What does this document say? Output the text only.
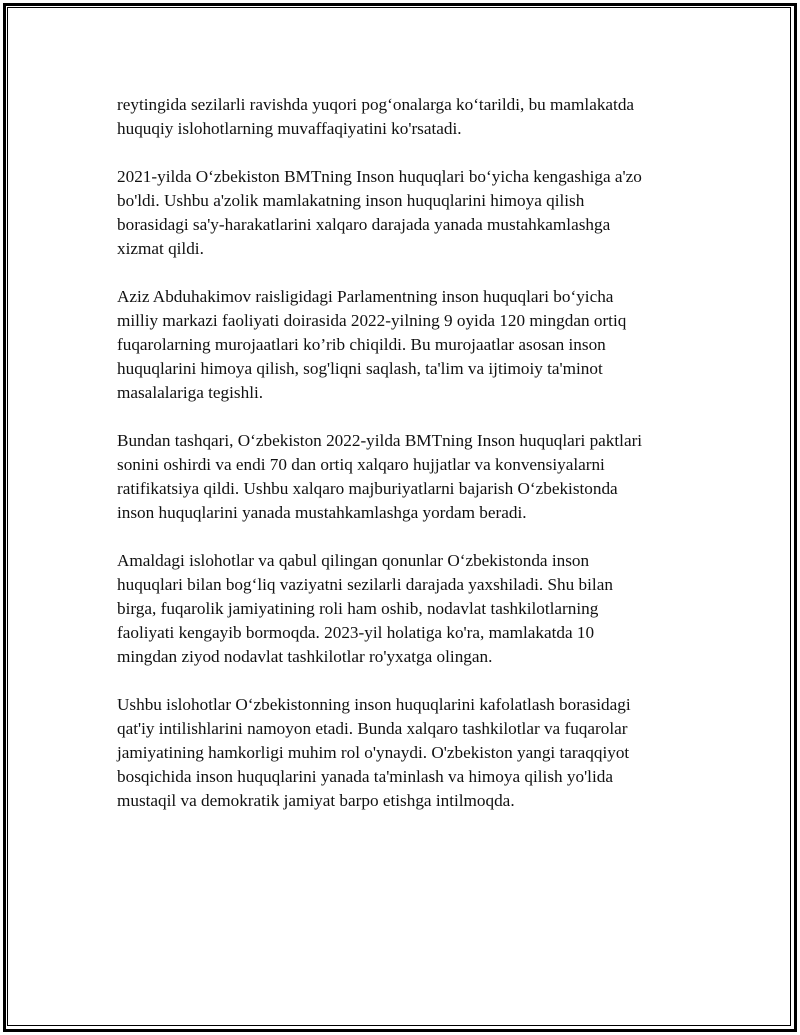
reytingida sezilarli ravishda yuqori pog‘onalarga ko‘tarildi, bu mamlakatda
huquqiy islohotlarning muvaffaqiyatini ko'rsatadi.

2021-yilda O‘zbekiston BMTning Inson huquqlari bo‘yicha kengashiga a'zo
bo'ldi. Ushbu a'zolik mamlakatning inson huquqlarini himoya qilish
borasidagi sa'y-harakatlarini xalqaro darajada yanada mustahkamlashga
xizmat qildi.

Aziz Abduhakimov raisligidagi Parlamentning inson huquqlari bo‘yicha
milliy markazi faoliyati doirasida 2022-yilning 9 oyida 120 mingdan ortiq
fuqarolarning murojaatlari ko’rib chiqildi. Bu murojaatlar asosan inson
huquqlarini himoya qilish, sog'liqni saqlash, ta'lim va ijtimoiy ta'minot
masalalariga tegishli.

Bundan tashqari, O‘zbekiston 2022-yilda BMTning Inson huquqlari paktlari
sonini oshirdi va endi 70 dan ortiq xalqaro hujjatlar va konvensiyalarni
ratifikatsiya qildi. Ushbu xalqaro majburiyatlarni bajarish O‘zbekistonda
inson huquqlarini yanada mustahkamlashga yordam beradi.

Amaldagi islohotlar va qabul qilingan qonunlar O‘zbekistonda inson
huquqlari bilan bog‘liq vaziyatni sezilarli darajada yaxshiladi. Shu bilan
birga, fuqarolik jamiyatining roli ham oshib, nodavlat tashkilotlarning
faoliyati kengayib bormoqda. 2023-yil holatiga ko'ra, mamlakatda 10
mingdan ziyod nodavlat tashkilotlar ro'yxatga olingan.

Ushbu islohotlar O‘zbekistonning inson huquqlarini kafolatlash borasidagi
qat'iy intilishlarini namoyon etadi. Bunda xalqaro tashkilotlar va fuqarolar
jamiyatining hamkorligi muhim rol o'ynaydi. O'zbekiston yangi taraqqiyot
bosqichida inson huquqlarini yanada ta'minlash va himoya qilish yo'lida
mustaqil va demokratik jamiyat barpo etishga intilmoqda.
